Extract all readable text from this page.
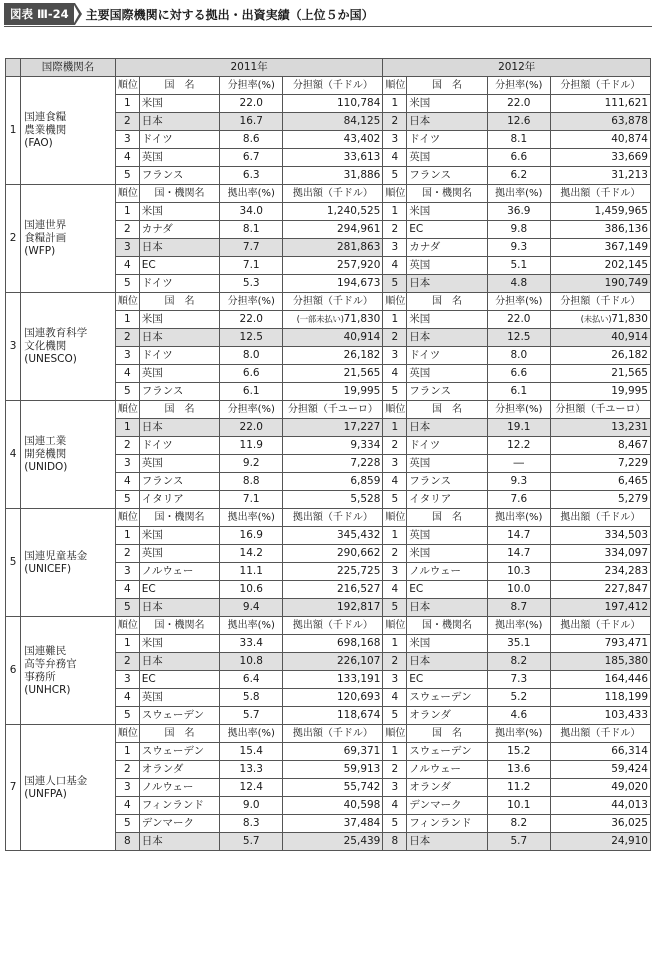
図表 Ⅲ-24	主要国際機関に対する拠出・出資実績（上位５か国）
	国際機関名	2011年				2012年			
1	国連食糧
農業機関
(FAO)	順位	国　名	分担率(%)	分担額（千ドル）	順位	国　名	分担率(%)	分担額（千ドル）
		1	米国	22.0	110,784	1	米国	22.0	111,621
		2	日本	16.7	84,125	2	日本	12.6	63,878
		3	ドイツ	8.6	43,402	3	ドイツ	8.1	40,874
		4	英国	6.7	33,613	4	英国	6.6	33,669
		5	フランス	6.3	31,886	5	フランス	6.2	31,213
2	国連世界
食糧計画
(WFP)	順位	国・機関名	拠出率(%)	拠出額（千ドル）	順位	国・機関名	拠出率(%)	拠出額（千ドル）
		1	米国	34.0	1,240,525	1	米国	36.9	1,459,965
		2	カナダ	8.1	294,961	2	EC	9.8	386,136
		3	日本	7.7	281,863	3	カナダ	9.3	367,149
		4	EC	7.1	257,920	4	英国	5.1	202,145
		5	ドイツ	5.3	194,673	5	日本	4.8	190,749
3	国連教育科学
文化機関
(UNESCO)	順位	国　名	分担率(%)	分担額（千ドル）	順位	国　名	分担率(%)	分担額（千ドル）
		1	米国	22.0	(一部未払い)71,830	1	米国	22.0	(未払い)71,830
		2	日本	12.5	40,914	2	日本	12.5	40,914
		3	ドイツ	8.0	26,182	3	ドイツ	8.0	26,182
		4	英国	6.6	21,565	4	英国	6.6	21,565
		5	フランス	6.1	19,995	5	フランス	6.1	19,995
4	国連工業
開発機関
(UNIDO)	順位	国　名	分担率(%)	分担額（千ユーロ）	順位	国　名	分担率(%)	分担額（千ユーロ）
		1	日本	22.0	17,227	1	日本	19.1	13,231
		2	ドイツ	11.9	9,334	2	ドイツ	12.2	8,467
		3	英国	9.2	7,228	3	英国	―	7,229
		4	フランス	8.8	6,859	4	フランス	9.3	6,465
		5	イタリア	7.1	5,528	5	イタリア	7.6	5,279
5	国連児童基金
(UNICEF)	順位	国・機関名	拠出率(%)	拠出額（千ドル）	順位	国　名	拠出率(%)	拠出額（千ドル）
		1	米国	16.9	345,432	1	英国	14.7	334,503
		2	英国	14.2	290,662	2	米国	14.7	334,097
		3	ノルウェー	11.1	225,725	3	ノルウェー	10.3	234,283
		4	EC	10.6	216,527	4	EC	10.0	227,847
		5	日本	9.4	192,817	5	日本	8.7	197,412
6	国連難民
高等弁務官
事務所
(UNHCR)	順位	国・機関名	拠出率(%)	拠出額（千ドル）	順位	国・機関名	拠出率(%)	拠出額（千ドル）
		1	米国	33.4	698,168	1	米国	35.1	793,471
		2	日本	10.8	226,107	2	日本	8.2	185,380
		3	EC	6.4	133,191	3	EC	7.3	164,446
		4	英国	5.8	120,693	4	スウェーデン	5.2	118,199
		5	スウェーデン	5.7	118,674	5	オランダ	4.6	103,433
7	国連人口基金
(UNFPA)	順位	国　名	拠出率(%)	拠出額（千ドル）	順位	国　名	拠出率(%)	拠出額（千ドル）
		1	スウェーデン	15.4	69,371	1	スウェーデン	15.2	66,314
		2	オランダ	13.3	59,913	2	ノルウェー	13.6	59,424
		3	ノルウェー	12.4	55,742	3	オランダ	11.2	49,020
		4	フィンランド	9.0	40,598	4	デンマーク	10.1	44,013
		5	デンマーク	8.3	37,484	5	フィンランド	8.2	36,025
		8	日本	5.7	25,439	8	日本	5.7	24,910
